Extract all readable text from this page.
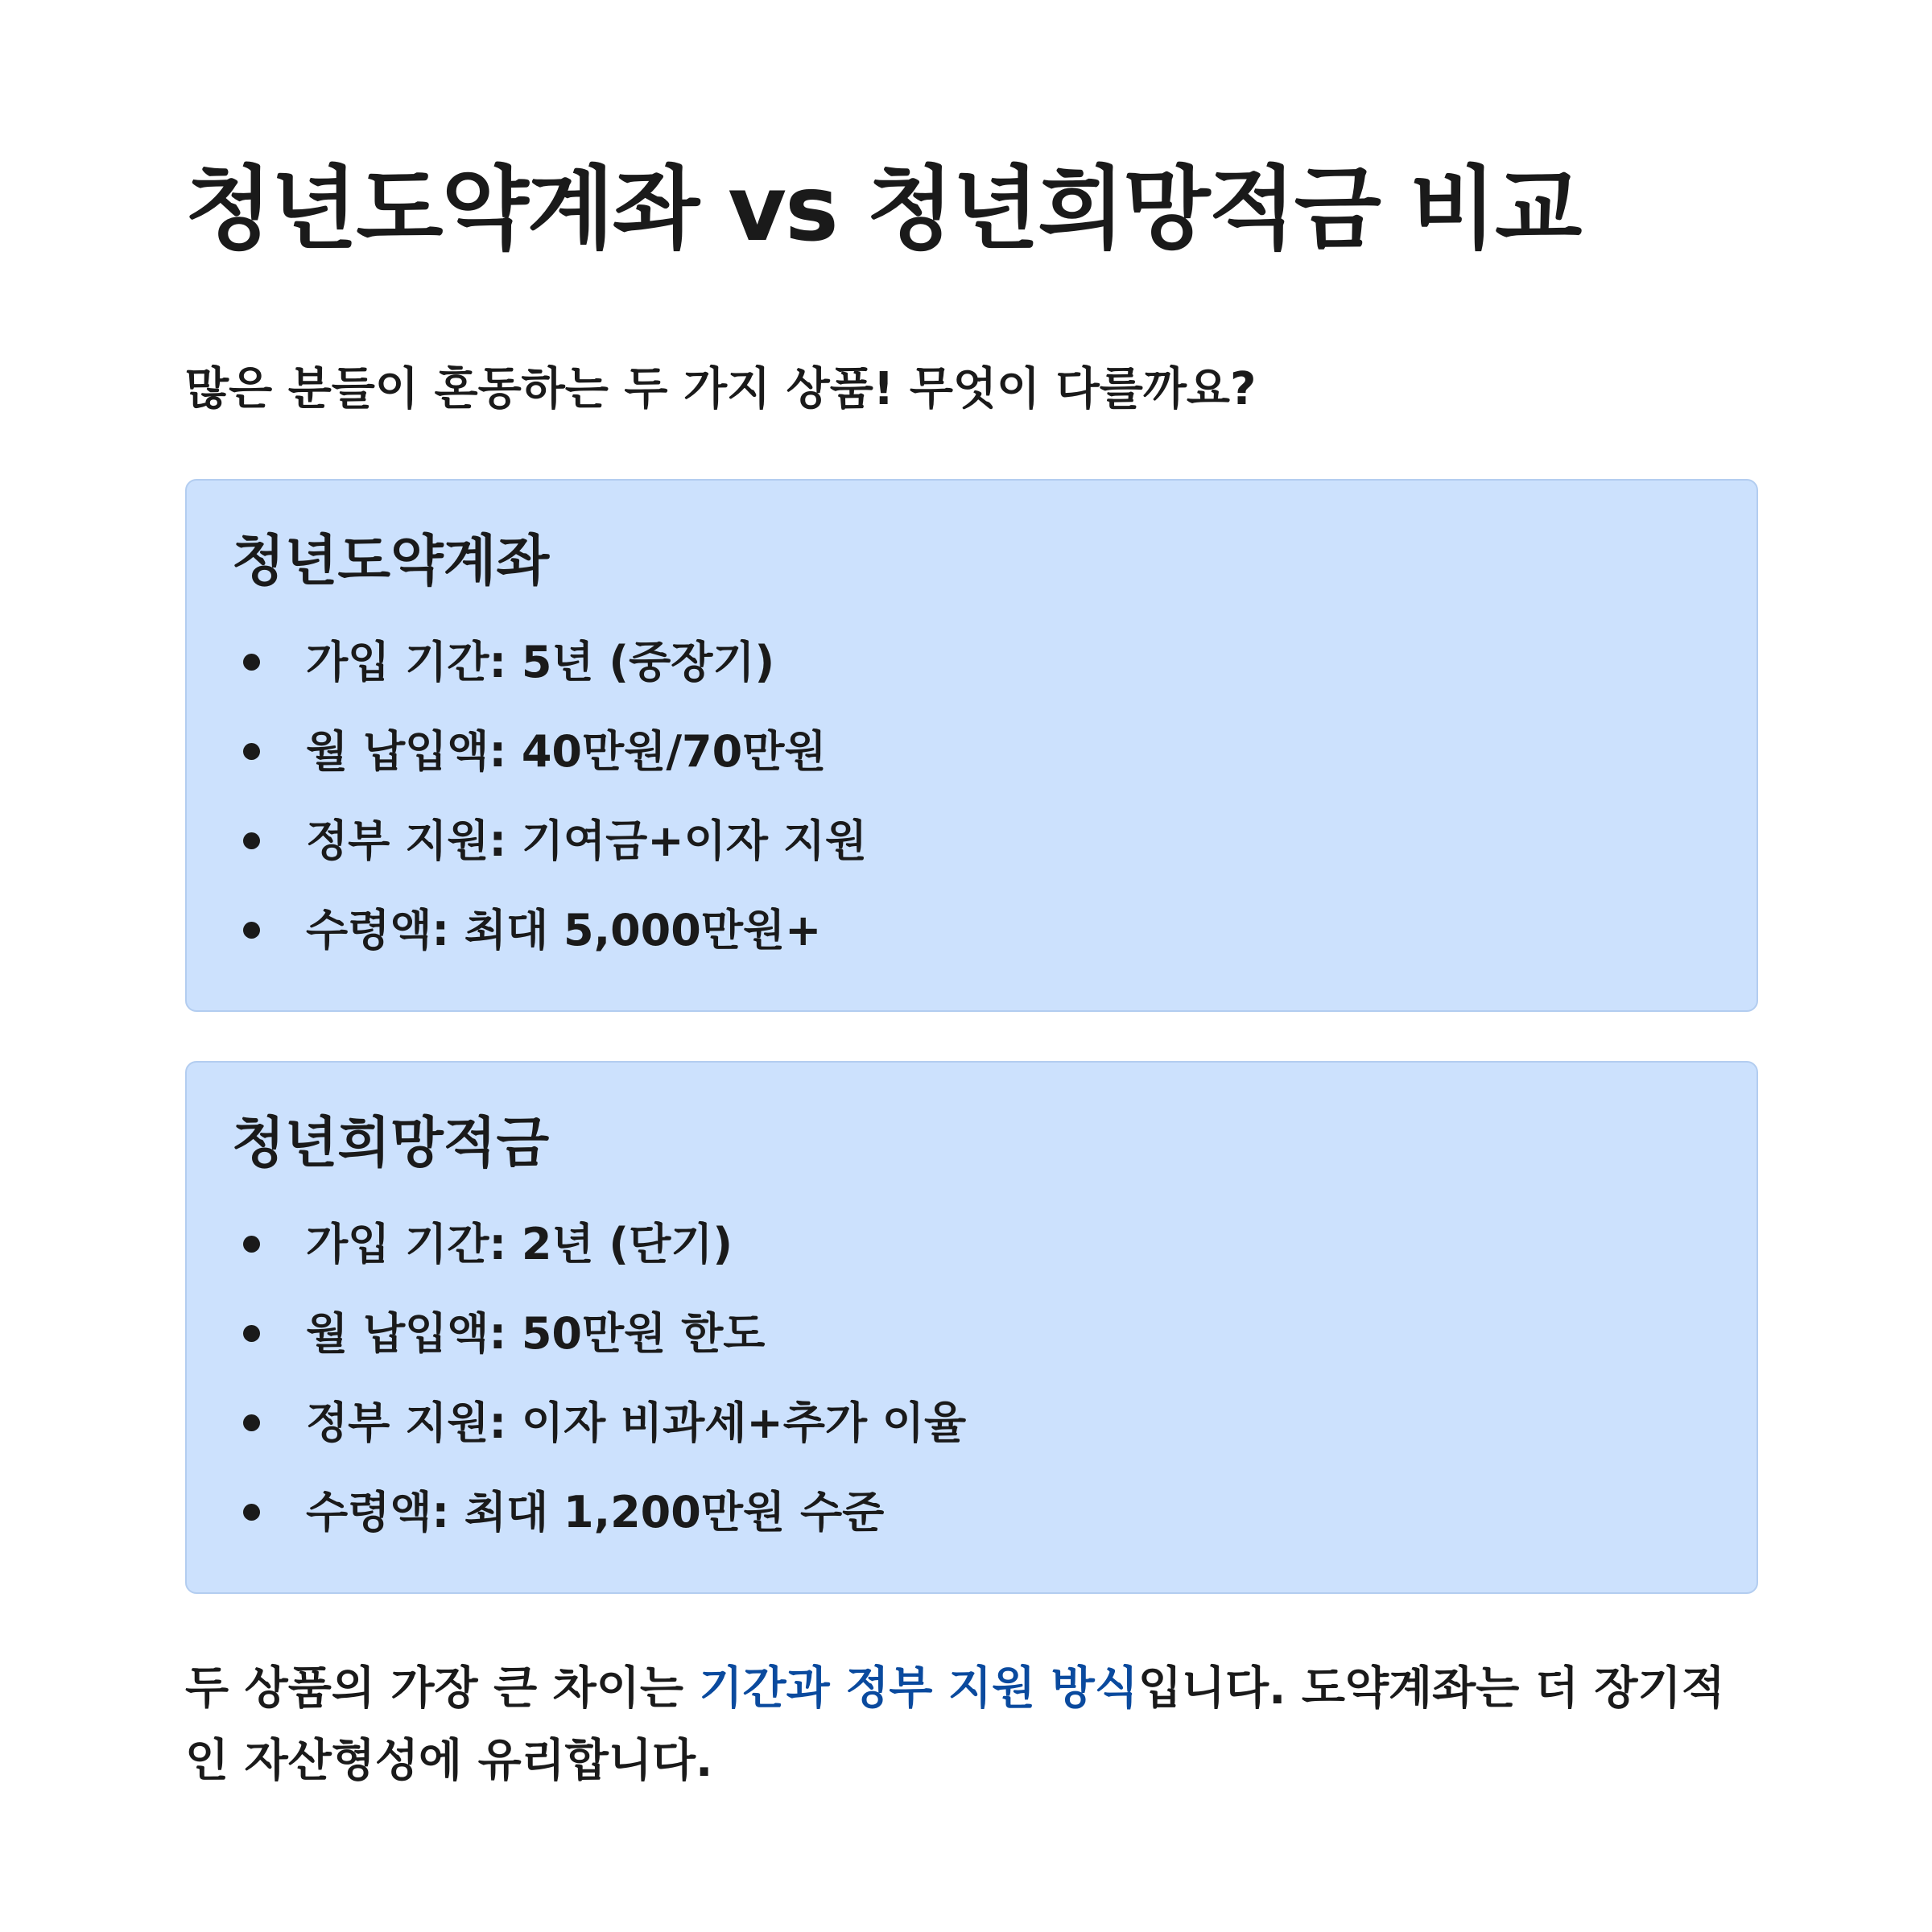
청년도약계좌 vs 청년희망적금 비교

많은 분들이 혼동하는 두 가지 상품! 무엇이 다를까요?

청년도약계좌
가입 기간: 5년 (중장기)
월 납입액: 40만원/70만원
정부 지원: 기여금+이자 지원
수령액: 최대 5,000만원+
청년희망적금
가입 기간: 2년 (단기)
월 납입액: 50만원 한도
정부 지원: 이자 비과세+추가 이율
수령액: 최대 1,200만원 수준

두 상품의 가장 큰 차이는 기간과 정부 지원 방식입니다. 도약계좌는 더 장기적인 자산형성에 유리합니다.
